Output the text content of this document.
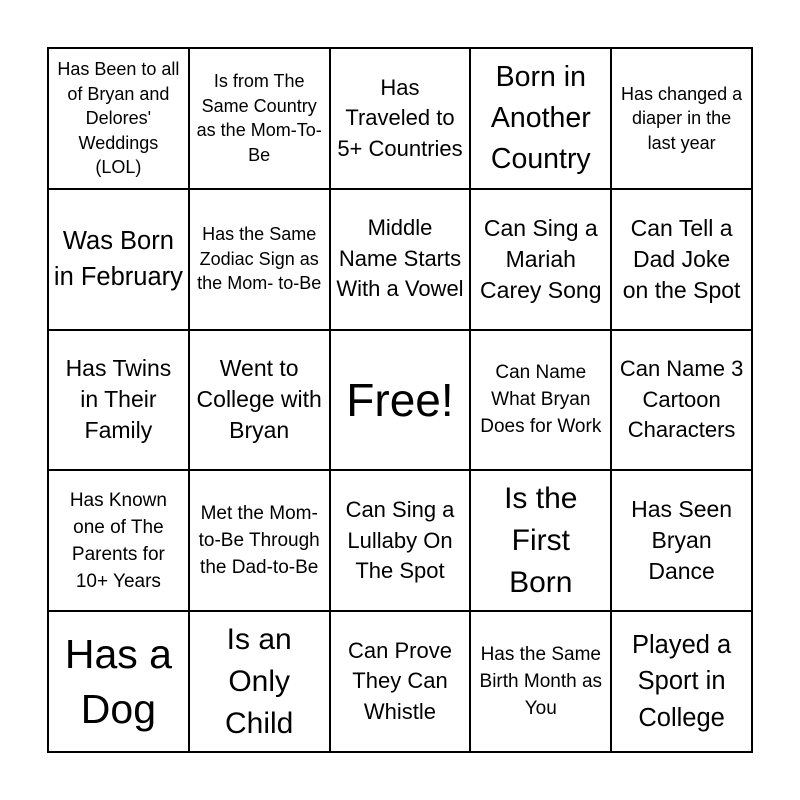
Has Been to all of Bryan and Delores' Weddings (LOL)
Is from The Same Country as the Mom-To-Be
Has Traveled to 5+ Countries
Born in Another Country
Has changed a diaper in the last year
Was Born in February
Has the Same Zodiac Sign as the Mom- to-Be
Middle Name Starts With a Vowel
Can Sing a Mariah Carey Song
Can Tell a Dad Joke on the Spot
Has Twins in Their Family
Went to College with Bryan
Free!
Can Name What Bryan Does for Work
Can Name 3 Cartoon Characters
Has Known one of The Parents for 10+ Years
Met the Mom-to-Be Through the Dad-to-Be
Can Sing a Lullaby On The Spot
Is the First Born
Has Seen Bryan Dance
Has a Dog
Is an Only Child
Can Prove They Can Whistle
Has the Same Birth Month as You
Played a Sport in College
